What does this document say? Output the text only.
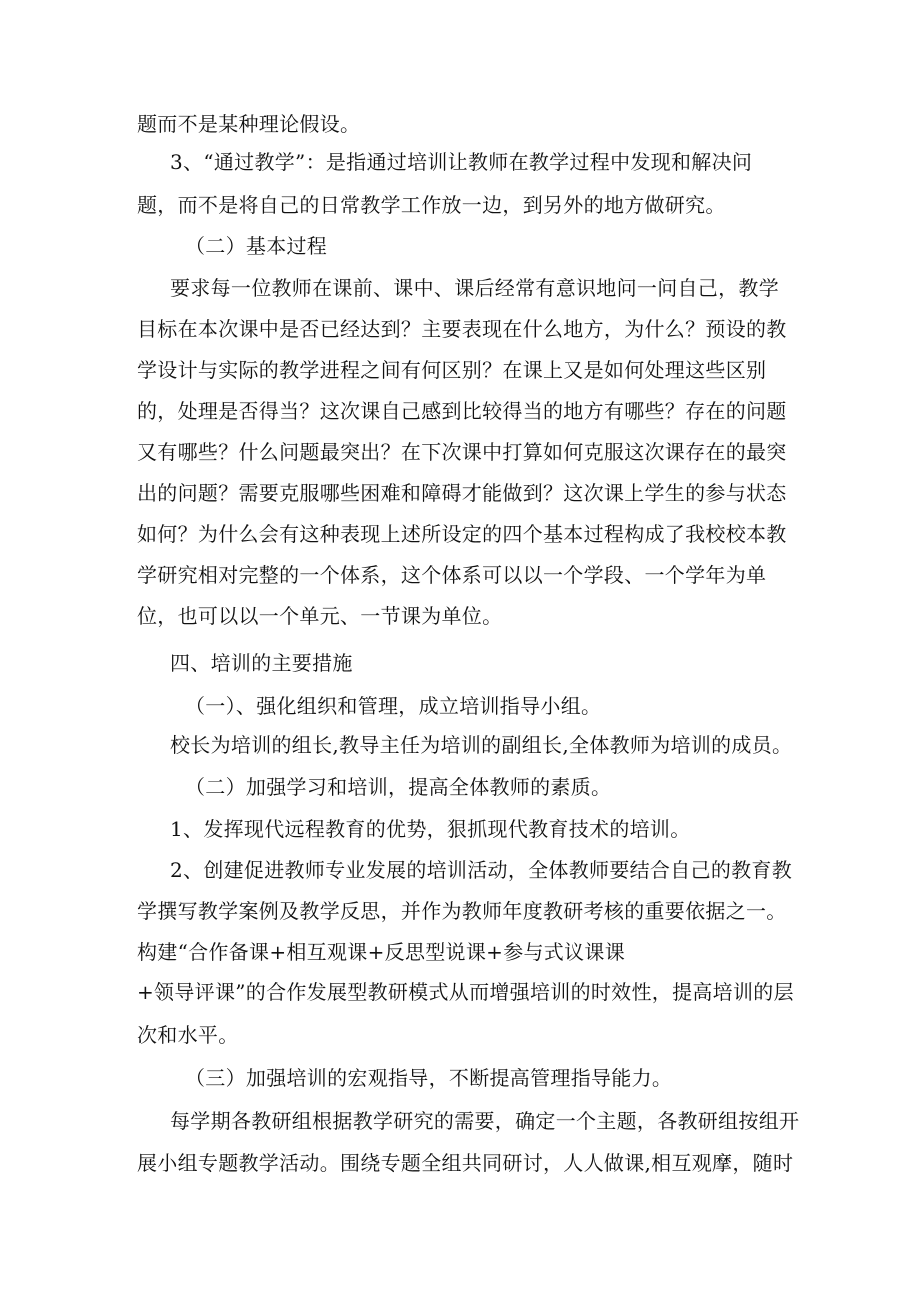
题而不是某种理论假设。
3、“通过教学”：是指通过培训让教师在教学过程中发现和解决问
题，而不是将自己的日常教学工作放一边，到另外的地方做研究。
（二）基本过程
要求每一位教师在课前、课中、课后经常有意识地问一问自己，教学
目标在本次课中是否已经达到？主要表现在什么地方，为什么？预设的教
学设计与实际的教学进程之间有何区别？在课上又是如何处理这些区别
的，处理是否得当？这次课自己感到比较得当的地方有哪些？存在的问题
又有哪些？什么问题最突出？在下次课中打算如何克服这次课存在的最突
出的问题？需要克服哪些困难和障碍才能做到？这次课上学生的参与状态
如何？为什么会有这种表现上述所设定的四个基本过程构成了我校校本教
学研究相对完整的一个体系，这个体系可以以一个学段、一个学年为单
位，也可以以一个单元、一节课为单位。
四、培训的主要措施
（一）、强化组织和管理，成立培训指导小组。
校长为培训的组长,教导主任为培训的副组长,全体教师为培训的成员。
（二）加强学习和培训，提高全体教师的素质。
1、发挥现代远程教育的优势，狠抓现代教育技术的培训。
2、创建促进教师专业发展的培训活动，全体教师要结合自己的教育教
学撰写教学案例及教学反思，并作为教师年度教研考核的重要依据之一。
构建“合作备课+相互观课+反思型说课+参与式议课课
+领导评课”的合作发展型教研模式从而增强培训的时效性，提高培训的层
次和水平。
（三）加强培训的宏观指导，不断提高管理指导能力。
每学期各教研组根据教学研究的需要，确定一个主题，各教研组按组开
展小组专题教学活动。围绕专题全组共同研讨，人人做课,相互观摩，随时
